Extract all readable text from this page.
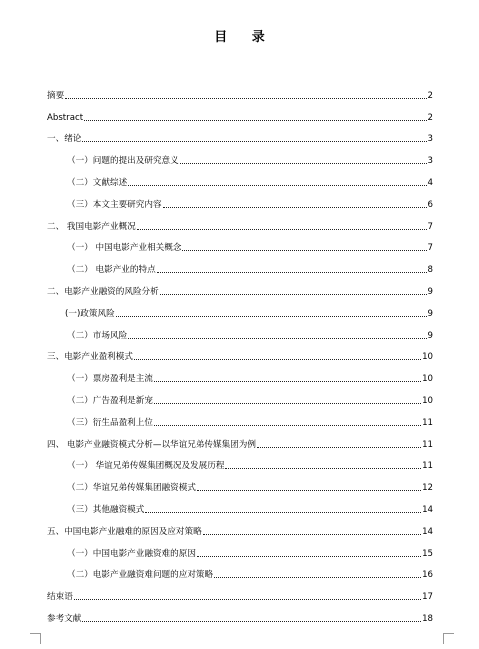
目 录
摘要	2
Abstract	2
一、绪论	3
（一）问题的提出及研究意义	3
（二）文献综述	4
（三）本文主要研究内容	6
二、 我国电影产业概况	7
（一） 中国电影产业相关概念	7
（二） 电影产业的特点	8
二、电影产业融资的风险分析	9
(一)政策风险	9
（二）市场风险	9
三、电影产业盈利模式	10
（一）票房盈利是主流	10
（二）广告盈利是新宠	10
（三）衍生品盈利上位	11
四、 电影产业融资模式分析—以华谊兄弟传媒集团为例	11
（一） 华谊兄弟传媒集团概况及发展历程	11
（二）华谊兄弟传媒集团融资模式	12
（三）其他融资模式	14
五、中国电影产业融难的原因及应对策略	14
（一）中国电影产业融资难的原因	15
（二）电影产业融资难问题的应对策略	16
结束语	17
参考文献	18
